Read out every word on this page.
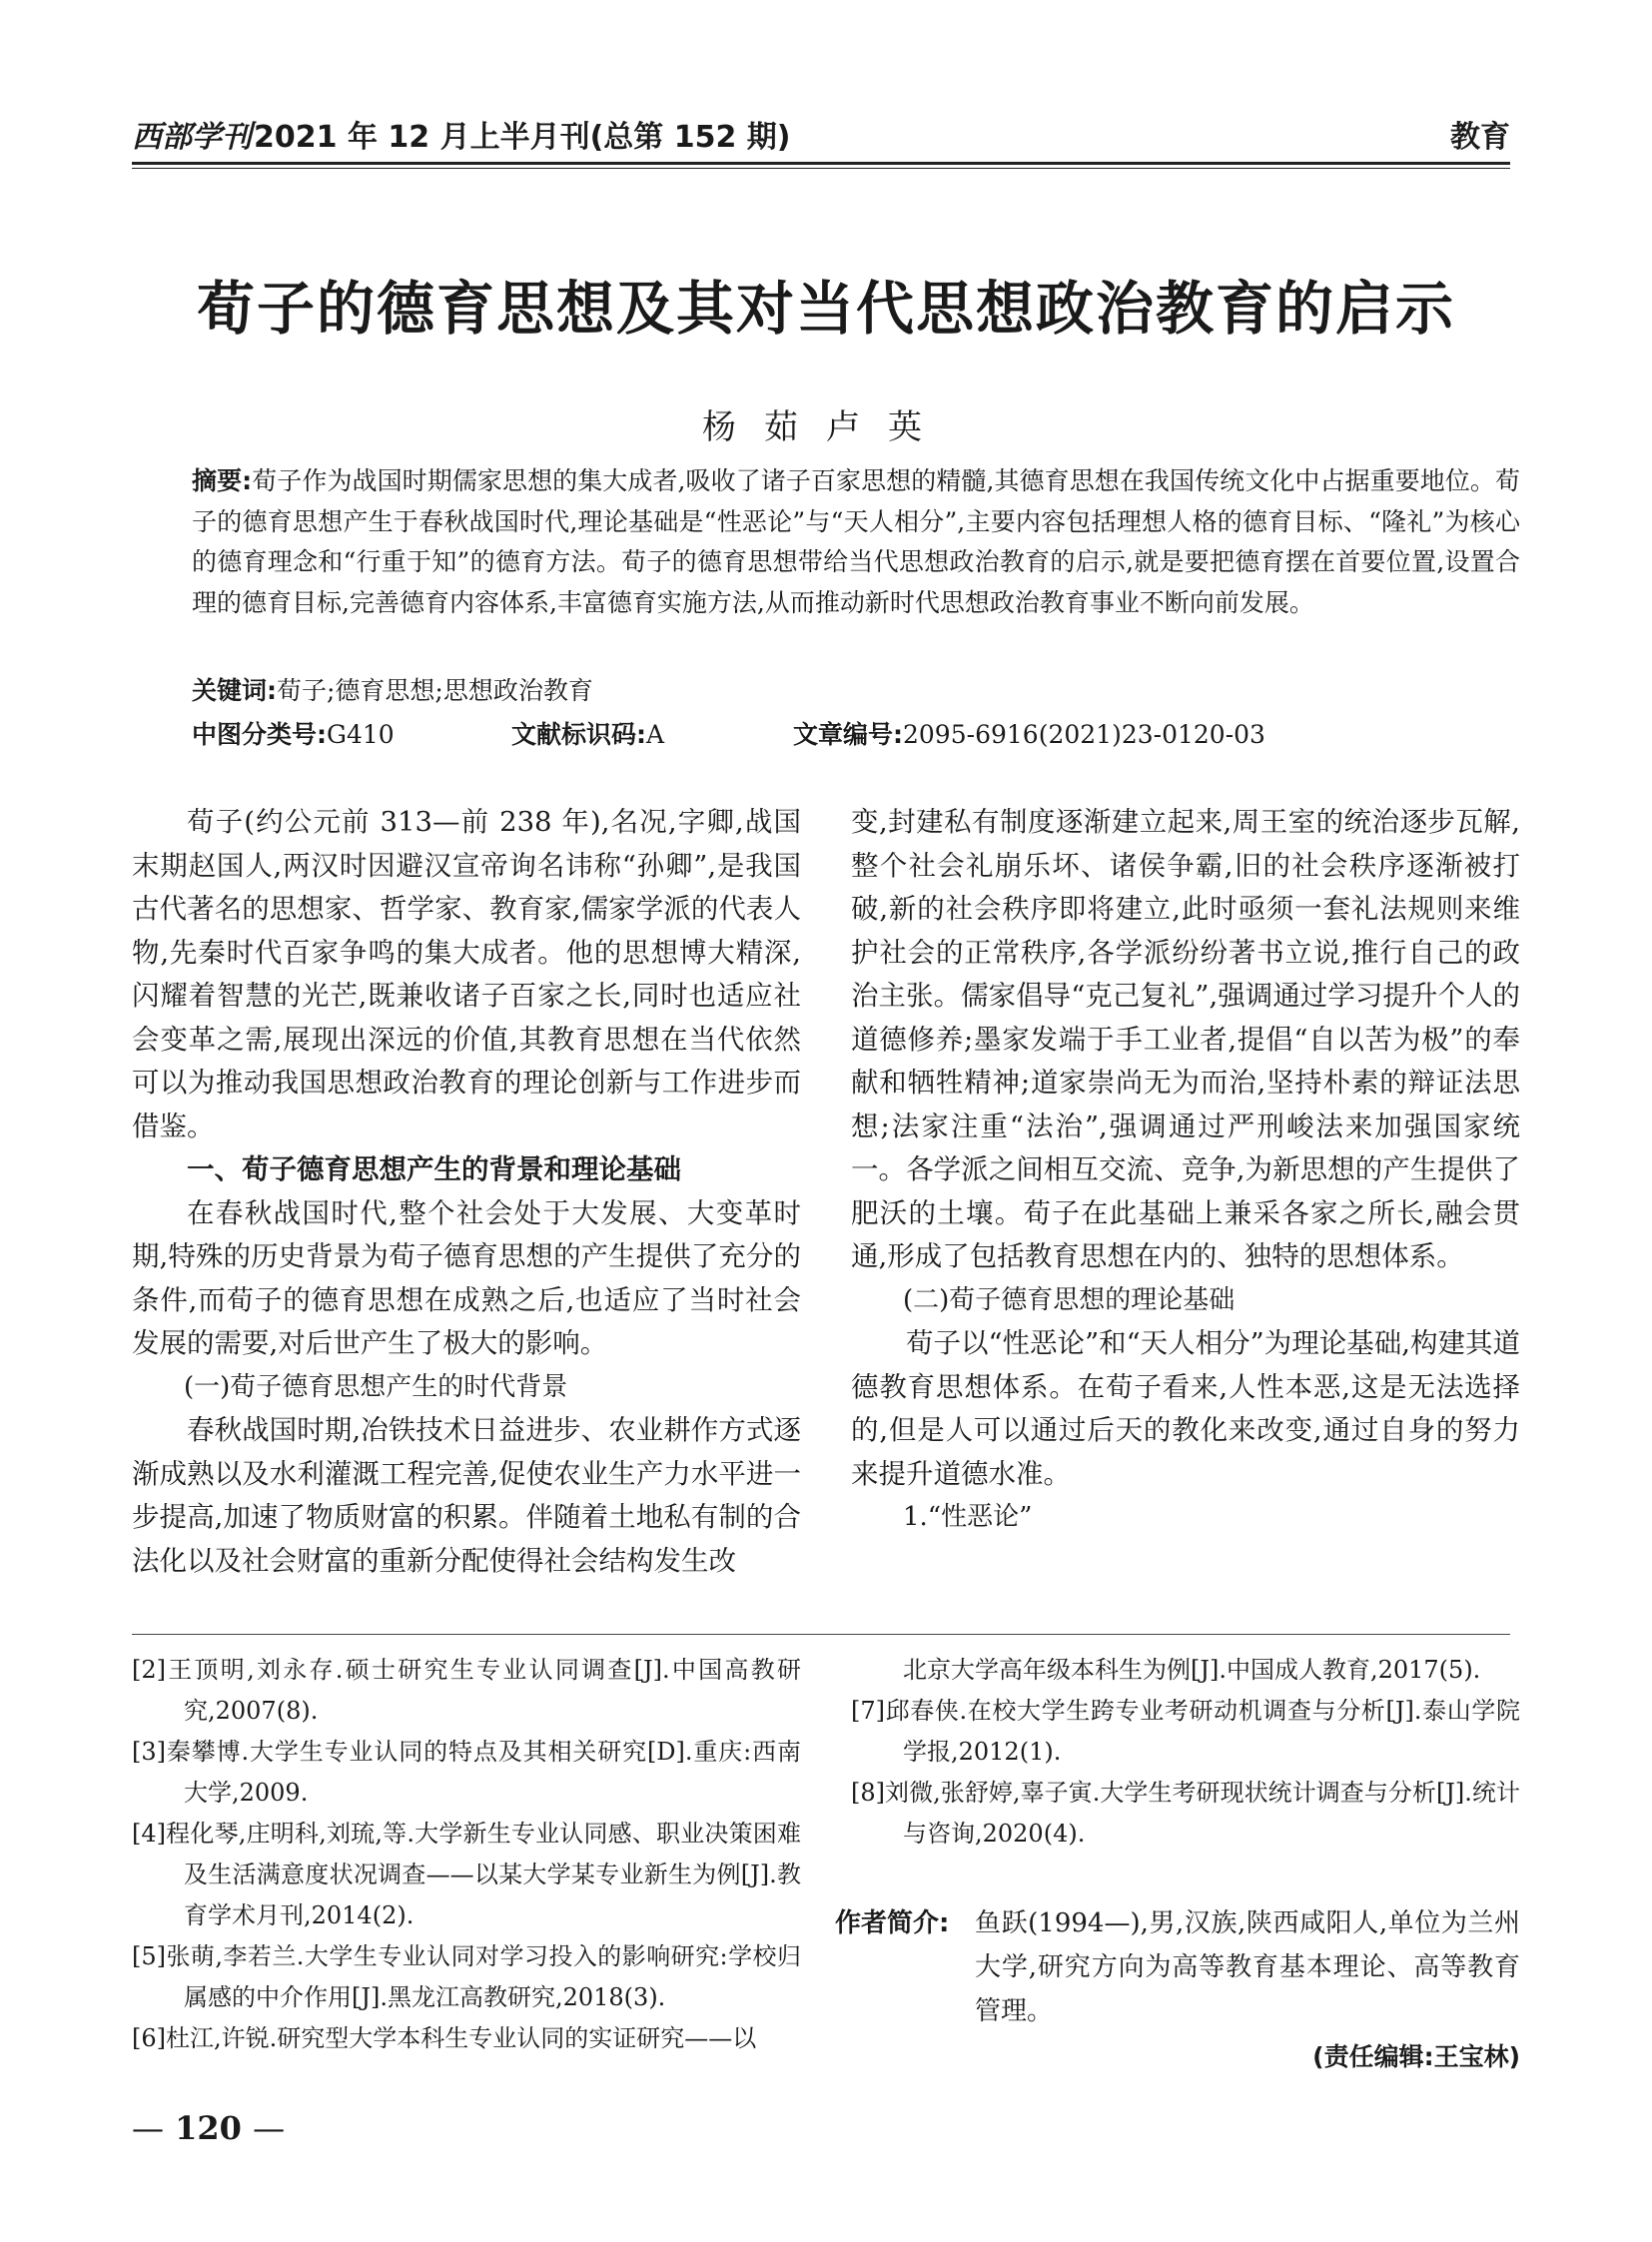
西部学刊2021 年 12 月上半月刊(总第 152 期)	教育
荀子的德育思想及其对当代思想政治教育的启示
杨茹卢英
摘要:荀子作为战国时期儒家思想的集大成者,吸收了诸子百家思想的精髓,其德育思想在我国传统文化中占据重要地位。荀子的德育思想产生于春秋战国时代,理论基础是“性恶论”与“天人相分”,主要内容包括理想人格的德育目标、“隆礼”为核心的德育理念和“行重于知”的德育方法。荀子的德育思想带给当代思想政治教育的启示,就是要把德育摆在首要位置,设置合理的德育目标,完善德育内容体系,丰富德育实施方法,从而推动新时代思想政治教育事业不断向前发展。
关键词:荀子;德育思想;思想政治教育
中图分类号:G410	文献标识码:A	文章编号:2095-6916(2021)23-0120-03

荀子(约公元前 313—前 238 年),名况,字卿,战国末期赵国人,两汉时因避汉宣帝询名讳称“孙卿”,是我国古代著名的思想家、哲学家、教育家,儒家学派的代表人物,先秦时代百家争鸣的集大成者。他的思想博大精深,闪耀着智慧的光芒,既兼收诸子百家之长,同时也适应社会变革之需,展现出深远的价值,其教育思想在当代依然可以为推动我国思想政治教育的理论创新与工作进步而借鉴。

一、荀子德育思想产生的背景和理论基础

在春秋战国时代,整个社会处于大发展、大变革时期,特殊的历史背景为荀子德育思想的产生提供了充分的条件,而荀子的德育思想在成熟之后,也适应了当时社会发展的需要,对后世产生了极大的影响。

(一)荀子德育思想产生的时代背景

春秋战国时期,冶铁技术日益进步、农业耕作方式逐渐成熟以及水利灌溉工程完善,促使农业生产力水平进一步提高,加速了物质财富的积累。伴随着土地私有制的合法化以及社会财富的重新分配使得社会结构发生改

变,封建私有制度逐渐建立起来,周王室的统治逐步瓦解,整个社会礼崩乐坏、诸侯争霸,旧的社会秩序逐渐被打破,新的社会秩序即将建立,此时亟须一套礼法规则来维护社会的正常秩序,各学派纷纷著书立说,推行自己的政治主张。儒家倡导“克己复礼”,强调通过学习提升个人的道德修养;墨家发端于手工业者,提倡“自以苦为极”的奉献和牺牲精神;道家崇尚无为而治,坚持朴素的辩证法思想;法家注重“法治”,强调通过严刑峻法来加强国家统一。各学派之间相互交流、竞争,为新思想的产生提供了肥沃的土壤。荀子在此基础上兼采各家之所长,融会贯通,形成了包括教育思想在内的、独特的思想体系。

(二)荀子德育思想的理论基础

荀子以“性恶论”和“天人相分”为理论基础,构建其道德教育思想体系。在荀子看来,人性本恶,这是无法选择的,但是人可以通过后天的教化来改变,通过自身的努力来提升道德水准。

1.“性恶论”

[2]王顶明,刘永存.硕士研究生专业认同调查[J].中国高教研究,2007(8).

[3]秦攀博.大学生专业认同的特点及其相关研究[D].重庆:西南大学,2009.

[4]程化琴,庄明科,刘琉,等.大学新生专业认同感、职业决策困难及生活满意度状况调查——以某大学某专业新生为例[J].教育学术月刊,2014(2).

[5]张萌,李若兰.大学生专业认同对学习投入的影响研究:学校归属感的中介作用[J].黑龙江高教研究,2018(3).

[6]杜江,许锐.研究型大学本科生专业认同的实证研究——以

北京大学高年级本科生为例[J].中国成人教育,2017(5).

[7]邱春侠.在校大学生跨专业考研动机调查与分析[J].泰山学院学报,2012(1).

[8]刘微,张舒婷,辜子寅.大学生考研现状统计调查与分析[J].统计与咨询,2020(4).

作者简介: 鱼跃(1994—),男,汉族,陕西咸阳人,单位为兰州大学,研究方向为高等教育基本理论、高等教育管理。
(责任编辑:王宝林)
— 120 —
